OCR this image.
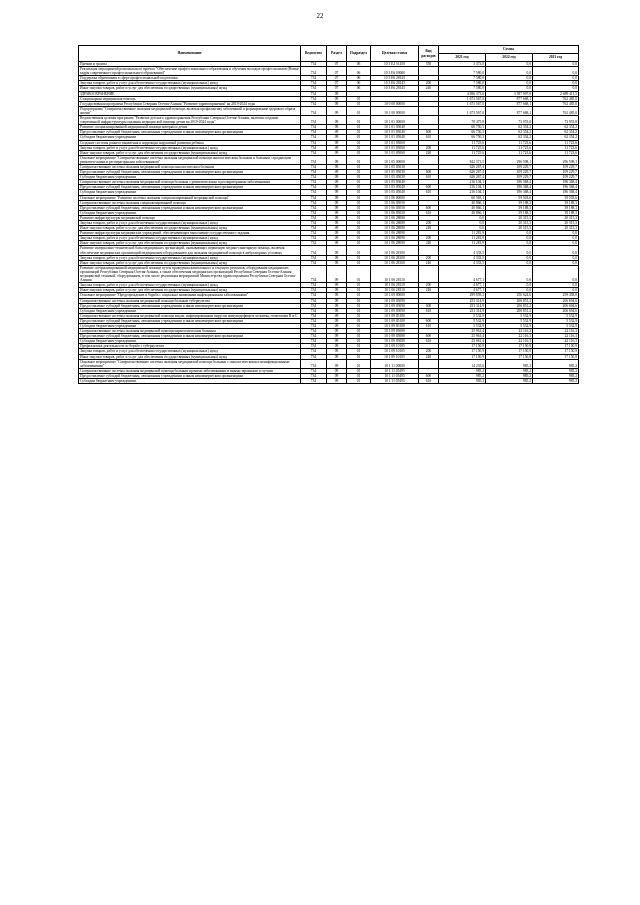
22
Наименование	Ведомство	Раздел	Подраздел	Целевая статья	Вид расходов	Сумма		
						2021 год	2022 год	2023 год
Премии и гранты	734	07	06	10 3 Е2 51450	350	3 373,0	0,0	0,0
Реализация мероприятий регионального проекта "Обеспечение профессионального образования и обучения молодых профессионалов (Новые кадры современного профессионального образования)"	734	07	06	10 3 Е6 00000		7 580,0	0,0	0,0
Поддержка образования в сфере профессиональной подготовки	734	07	06	10 3 Е6 28145		7 580,0	0,0	0,0
Закупка товаров, работ и услуг для обеспечения государственных (муниципальных) нужд	734	07	06	10 3 Е6 28145	200	7 580,0	0,0	0,0
Иные закупки товаров, работ и услуг для обеспечения государственных (муниципальных) нужд	734	07	06	10 3 Е6 28145	240	7 580,0	0,0	0,0
ЗДРАВООХРАНЕНИЕ	734	09				4 696 373,6	3 587 097,0	2 689 411,5
Стационарная медицинская помощь	734	09	01			1 673 567,0	877 668,1	762 485,0
Государственная программа Республики Северная Осетия-Алания "Развитие здравоохранения" на 2019-2024 годы	734	09	01	10 0 00 00000		1 673 567,0	877 668,1	762 485,0
Подпрограмма "Совершенствование оказания медицинской помощи, включая профилактику заболеваний и формирование здорового образа жизни"	734	09	01	10 1 00 00000		1 673 567,0	877 668,1	762 485,0
Ведомственная целевая программа "Развитие детского здравоохранения Республики Северная Осетия-Алания, включая создание современной инфраструктуры оказания медицинской помощи детям на 2019-2024 годы"	734	09	01	10 1 01 00000		78 475,8	73 953,8	73 953,8
Развитие специализированной медицинской помощи матерям и детям	734	09	01	10 1 01 05040		66 750,3	62 354,2	62 354,2
Предоставление субсидий бюджетным, автономным учреждениям и иным некоммерческим организациям	734	09	01	10 1 01 05040	600	66 750,3	62 354,2	62 354,2
Субсидии бюджетным учреждениям	734	09	01	10 1 01 05040	610	66 750,3	62 354,2	62 354,2
Создание системы раннего выявления и коррекции нарушений развития ребенка	734	09	01	10 1 01 05060		11 725,6	11 723,6	11 723,6
Закупка товаров, работ и услуг для обеспечения государственных (муниципальных) нужд	734	09	01	10 1 01 05060	200	11 725,6	11 723,6	11 723,6
Иные закупки товаров, работ и услуг для обеспечения государственных (муниципальных) нужд	734	09	01	10 1 01 05060	240	11 725,6	11 723,6	11 723,6
Основное мероприятие "Совершенствование системы оказания медицинской помощи онкологическим больным и больным, страдающим ревматическими и респираторными заболеваниями"	734	09	01	10 1 05 00000		842 371,5	296 598,1	296 598,1
Совершенствование системы оказания медицинской помощи онкологическим больным	734	09	01	10 1 05 05030		626 267,4	109 229,7	109 229,7
Предоставление субсидий бюджетным, автономным учреждениям и иным некоммерческим организациям	734	09	01	10 1 05 05030	600	626 267,4	109 229,7	109 229,7
Субсидии бюджетным учреждениям	734	09	01	10 1 05 05030	610	626 267,4	109 229,7	109 229,7
Совершенствование системы оказания медицинской помощи больным с ревматическими и респираторными заболеваниями	734	09	01	10 1 05 05040		216 104,1	186 368,4	186 368,4
Предоставление субсидий бюджетным, автономным учреждениям и иным некоммерческим организациям	734	09	01	10 1 05 05040	600	216 104,1	186 368,4	186 368,4
Субсидии бюджетным учреждениям	734	09	01	10 1 05 05040	610	216 104,1	186 368,4	186 368,4
Основное мероприятие "Развитие системы оказания специализированной медицинской помощи"	734	09	01	10 1 06 00000		60 565,1	59 503,6	59 503,6
Совершенствование системы оказания специализированной помощи	734	09	01	10 1 06 05050		40 866,1	39 188,3	39 188,3
Предоставление субсидий бюджетным, автономным учреждениям и иным некоммерческим организациям	734	09	01	10 1 06 05050	600	40 866,1	39 188,3	39 188,3
Субсидии бюджетным учреждениям	734	09	01	10 1 06 05050	610	40 866,1	39 188,3	39 188,3
Развитие инфраструктуры медицинской помощи	734	09	01	10 1 06 28080		0,0	20 315,3	20 315,3
Закупка товаров, работ и услуг для обеспечения государственных (муниципальных) нужд	734	09	01	10 1 06 28080	200	0,0	20 315,3	20 315,3
Иные закупки товаров, работ и услуг для обеспечения государственных (муниципальных) нужд	734	09	01	10 1 06 28080	240	0,0	20 315,3	20 315,3
Развитие инфраструктуры медицинских учреждений, обеспечивающих выполнение государственного задания	734	09	01	10 1 06 28090		11 281,9	0,0	0,0
Закупка товаров, работ и услуг для обеспечения государственных (муниципальных) нужд	734	09	01	10 1 06 28090	200	11 281,9	0,0	0,0
Иные закупки товаров, работ и услуг для обеспечения государственных (муниципальных) нужд	734	09	01	10 1 06 28090	240	11 281,9	0,0	0,0
Развитие материально-технической базы медицинских организаций, оказывающих первичную медико-санитарную помощь, включая обеспечение медицинских организаций медицинским оборудованием для оказания медицинской помощи в амбулаторных условиях	734	09	01	10 1 06 28100		4 333,5	0,0	0,0
Закупка товаров, работ и услуг для обеспечения государственных (муниципальных) нужд	734	09	01	10 1 06 28100	200	4 333,5	0,0	0,0
Иные закупки товаров, работ и услуг для обеспечения государственных (муниципальных) нужд	734	09	01	10 1 06 28100	240	4 333,5	0,0	0,0
Развитие специализированной медицинской помощи путем проведения капитального и текущего ремонтов, оборудования медицинских организаций Республики Северная Осетия-Алания, а также обеспечения медицинских организаций Республики Северная Осетия-Алания медицинской техникой, оборудованием, в том числе реализация мероприятий Министерства здравоохранения Республики Северная Осетия-Алания	734	09	01	10 1 06 28110		4 677,1	0,0	0,0
Закупка товаров, работ и услуг для обеспечения государственных (муниципальных) нужд	734	09	01	10 1 06 28110	200	4 677,1	0,0	0,0
Иные закупки товаров, работ и услуг для обеспечения государственных (муниципальных) нужд	734	09	01	10 1 06 28110	240	4 677,1	0,0	0,0
Основное мероприятие "Предупреждение и борьба с социально значимыми инфекционными заболеваниями"	734	09	01	10 1 09 00000		299 859,2	256 624,6	259 458,0
Совершенствование системы оказания медицинской помощи больным туберкулезом	734	09	01	10 1 09 05090		253 314,9	206 851,2	206 694,6
Предоставление субсидий бюджетным, автономным учреждениям и иным некоммерческим организациям	734	09	01	10 1 09 05090	600	253 314,9	206 851,2	206 694,6
Субсидии бюджетным учреждениям	734	09	01	10 1 09 05090	610	253 314,9	206 851,2	206 694,6
Совершенствование системы оказания медицинской помощи лицам, инфицированным вирусом иммунодефицита человека, гепатитами В и С	734	09	01	10 1 09 05100		5 532,9	5 532,9	5 532,9
Предоставление субсидий бюджетным, автономным учреждениям и иным некоммерческим организациям	734	09	01	10 1 09 05100	600	5 532,9	5 532,9	5 532,9
Субсидии бюджетным учреждениям	734	09	01	10 1 09 05100	610	5 532,9	5 532,9	5 532,9
Совершенствование системы оказания медицинской помощи наркологическим больным	734	09	01	10 1 09 05080		25 961,4	22 116,3	22 116,3
Предоставление субсидий бюджетным, автономным учреждениям и иным некоммерческим организациям	734	09	01	10 1 09 05080	600	25 961,4	22 116,3	22 116,3
Субсидии бюджетным учреждениям	734	09	01	10 1 09 05080	610	25 961,4	22 116,3	22 116,3
Профилактика деятельности по борьбе с туберкулезом	734	09	01	10 1 09 10105		17 150,9	17 150,9	17 150,9
Закупка товаров, работ и услуг для обеспечения государственных (муниципальных) нужд	734	09	01	10 1 09 10105	200	17 150,9	17 150,9	17 150,9
Иные закупки товаров, работ и услуг для обеспечения государственных (муниципальных) нужд	734	09	01	10 1 09 10105	240	17 150,9	17 150,9	17 150,9
Основное мероприятие "Совершенствование системы оказания медицинской помощи больным с онкологическими и неинфекционными заболеваниями"	734	09	01	10 1 11 00000		14 235,6	985,2	985,2
Совершенствование системы оказания медицинской помощи больным прочими заболеваниями и иными заразными услугами	734	09	01	10 1 11 05495		985,2	985,2	985,2
Предоставление субсидий бюджетным, автономным учреждениям и иным некоммерческим организациям	734	09	01	10 1 11 05495	600	985,2	985,2	985,2
Субсидии бюджетным учреждениям	734	09	01	10 1 11 05495	610	985,2	985,2	985,2
